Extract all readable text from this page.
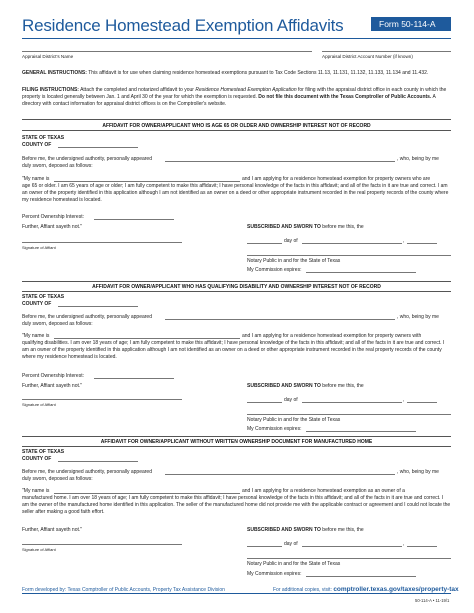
Residence Homestead Exemption Affidavits	Form 50-114-A
Appraisal District's Name	Appraisal District Account Number (if known)
GENERAL INSTRUCTIONS: This affidavit is for use when claiming residence homestead exemptions pursuant to Tax Code Sections 11.13, 11.131, 11.132, 11.133, 11.134 and 11.432.
FILING INSTRUCTIONS: Attach the completed and notarized affidavit to your Residence Homestead Exemption Application for filing with the appraisal district office in each county in which the property is located generally between Jan. 1 and April 30 of the year for which the exemption is requested. Do not file this document with the Texas Comptroller of Public Accounts. A directory with contact information for appraisal district offices is on the Comptroller's website.
AFFIDAVIT FOR OWNER/APPLICANT WHO IS AGE 65 OR OLDER AND OWNERSHIP INTEREST NOT OF RECORD
STATE OF TEXAS
COUNTY OF
Before me, the undersigned authority, personally appeared	, who, being by me
duly sworn, deposed as follows:
"My name is	and I am applying for a residence homestead exemption for property owners who are
age 65 or older. I am 65 years of age or older; I am fully competent to make this affidavit; I have personal knowledge of the facts in this affidavit; and all of the facts in it are true and correct. I am an owner of the property identified in this application although I am not identified as an owner on a deed or other appropriate instrument recorded in the real property records of the county where my residence homestead is located.
Percent Ownership Interest:
Further, Affiant sayeth not."
Signature of Affiant
SUBSCRIBED AND SWORN TO before me this, the
day of	,
Notary Public in and for the State of Texas
My Commission expires:
AFFIDAVIT FOR OWNER/APPLICANT WHO HAS QUALIFYING DISABILITY AND OWNERSHIP INTEREST NOT OF RECORD
STATE OF TEXAS
COUNTY OF
Before me, the undersigned authority, personally appeared	, who, being by me
duly sworn, deposed as follows:
"My name is	and I am applying for a residence homestead exemption for property owners with
qualifying disabilities. I am over 18 years of age; I am fully competent to make this affidavit; I have personal knowledge of the facts in this affidavit; and all of the facts in it are true and correct. I am an owner of the property identified in this application although I am not identified as an owner on a deed or other appropriate instrument recorded in the real property records of the county where my residence homestead is located.
Percent Ownership Interest:
Further, Affiant sayeth not."
Signature of Affiant
SUBSCRIBED AND SWORN TO before me this, the
day of	,
Notary Public in and for the State of Texas
My Commission expires:
AFFIDAVIT FOR OWNER/APPLICANT WITHOUT WRITTEN OWNERSHIP DOCUMENT FOR MANUFACTURED HOME
STATE OF TEXAS
COUNTY OF
Before me, the undersigned authority, personally appeared	, who, being by me
duly sworn, deposed as follows:
"My name is	and I am applying for a residence homestead exemption as an owner of a
manufactured home. I am over 18 years of age; I am fully competent to make this affidavit; I have personal knowledge of the facts in this affidavit; and all of the facts in it are true and correct. I am the owner of the manufactured home identified in this application. The seller of the manufactured home did not provide me with the applicable contract or agreement and I could not locate the seller after making a good faith effort.
Further, Affiant sayeth not."
Signature of Affiant
SUBSCRIBED AND SWORN TO before me this, the
day of	,
Notary Public in and for the State of Texas
My Commission expires:
Form developed by: Texas Comptroller of Public Accounts, Property Tax Assistance Division	For additional copies, visit: comptroller.texas.gov/taxes/property-tax
50-114-A • 11-19/1
